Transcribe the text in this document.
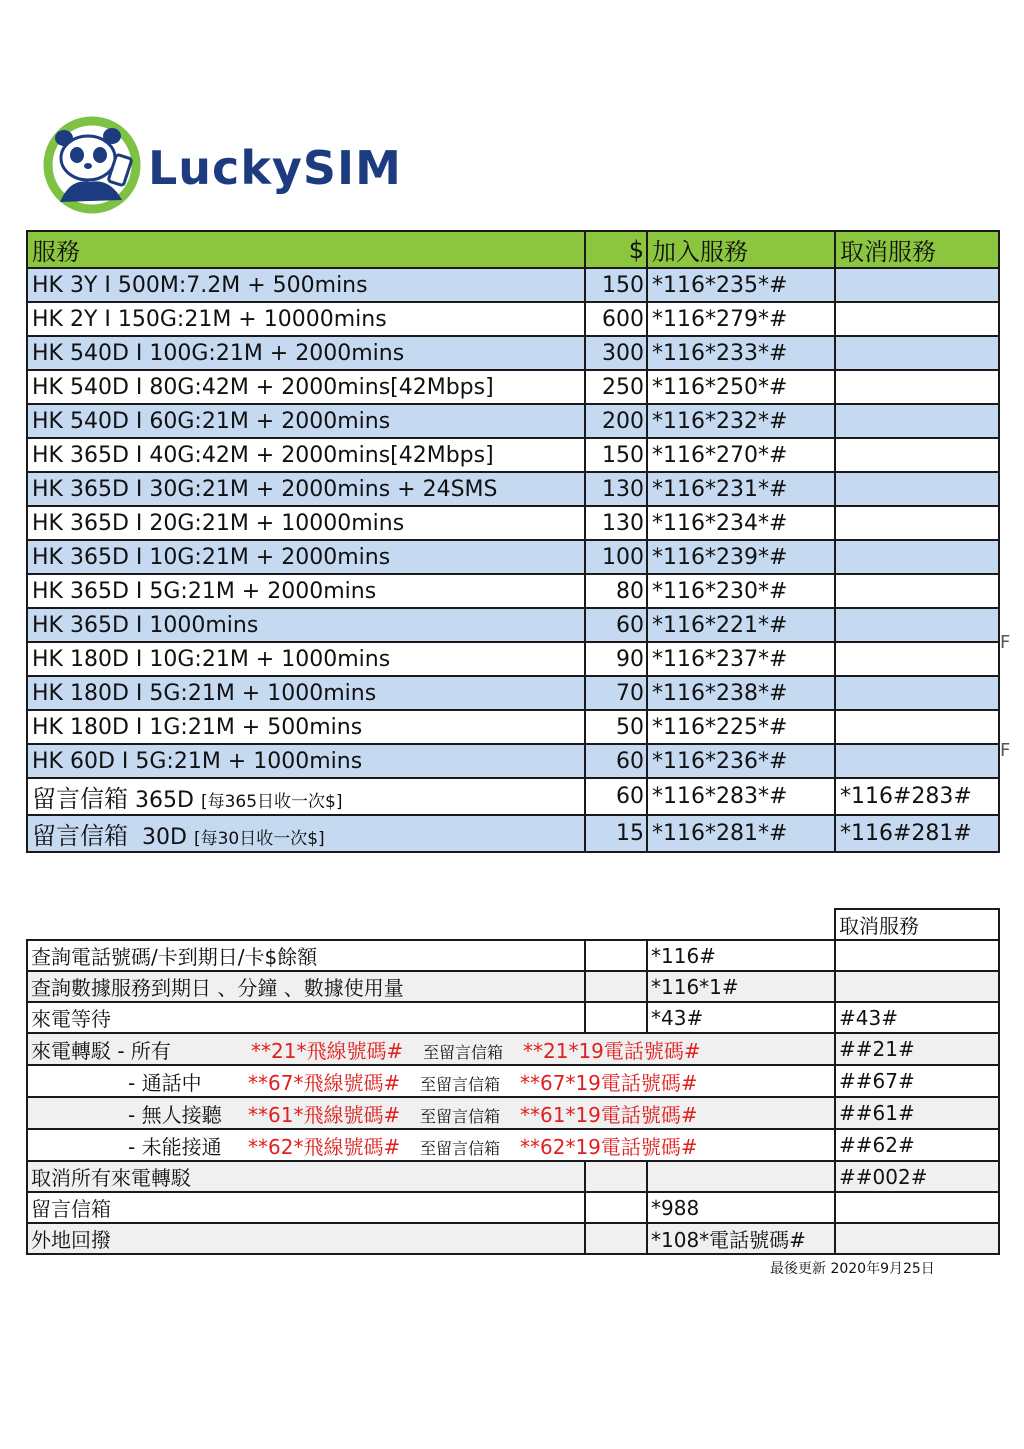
LuckySIM
服務	$	加入服務	取消服務
HK 3Y I 500M:7.2M + 500mins	150	*116*235*#	
HK 2Y I 150G:21M + 10000mins	600	*116*279*#	
HK 540D I 100G:21M + 2000mins	300	*116*233*#	
HK 540D I 80G:42M + 2000mins[42Mbps]	250	*116*250*#	
HK 540D I 60G:21M + 2000mins	200	*116*232*#	
HK 365D I 40G:42M + 2000mins[42Mbps]	150	*116*270*#	
HK 365D I 30G:21M + 2000mins + 24SMS	130	*116*231*#	
HK 365D I 20G:21M + 10000mins	130	*116*234*#	
HK 365D I 10G:21M + 2000mins	100	*116*239*#	
HK 365D I 5G:21M + 2000mins	80	*116*230*#	
HK 365D I 1000mins	60	*116*221*#	
HK 180D I 10G:21M + 1000mins	90	*116*237*#	
HK 180D I 5G:21M + 1000mins	70	*116*238*#	
HK 180D I 1G:21M + 500mins	50	*116*225*#	
HK 60D I 5G:21M + 1000mins	60	*116*236*#	
留言信箱 365D [每365日收一次$]	60	*116*283*#	*116#283#
留言信箱 30D [每30日收一次$]	15	*116*281*#	*116#281#
F
F
			取消服務
查詢電話號碼/卡到期日/卡$餘額		*116#	
查詢數據服務到期日 、分鐘 、數據使用量		*116*1#	
來電等待		*43#	#43#
來電轉駁 - 所有 **21*飛線號碼# 至留言信箱 **21*19電話號碼#			##21#
- 通話中 **67*飛線號碼# 至留言信箱 **67*19電話號碼#			##67#
- 無人接聽 **61*飛線號碼# 至留言信箱 **61*19電話號碼#			##61#
- 未能接通 **62*飛線號碼# 至留言信箱 **62*19電話號碼#			##62#
取消所有來電轉駁			##002#
留言信箱		*988	
外地回撥		*108*電話號碼#	
最後更新 2020年9月25日
